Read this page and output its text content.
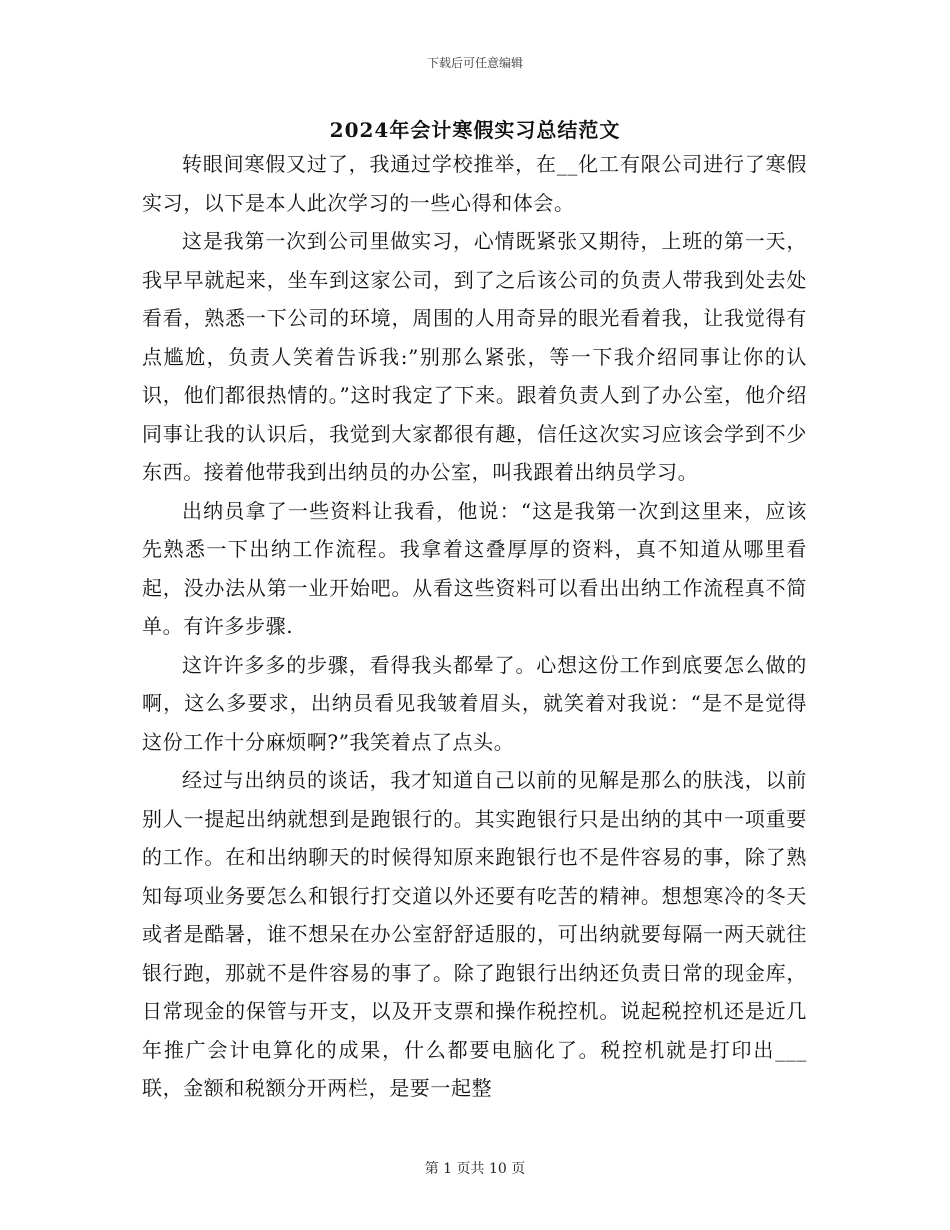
下载后可任意编辑
2024年会计寒假实习总结范文

转眼间寒假又过了，我通过学校推举，在__化工有限公司进行了寒假实习，以下是本人此次学习的一些心得和体会。

这是我第一次到公司里做实习，心情既紧张又期待，上班的第一天，我早早就起来，坐车到这家公司，到了之后该公司的负责人带我到处去处看看，熟悉一下公司的环境，周围的人用奇异的眼光看着我，让我觉得有点尴尬，负责人笑着告诉我:”别那么紧张，等一下我介绍同事让你的认识，他们都很热情的。”这时我定了下来。跟着负责人到了办公室，他介绍同事让我的认识后，我觉到大家都很有趣，信任这次实习应该会学到不少东西。接着他带我到出纳员的办公室，叫我跟着出纳员学习。

出纳员拿了一些资料让我看，他说：“这是我第一次到这里来，应该先熟悉一下出纳工作流程。我拿着这叠厚厚的资料，真不知道从哪里看起，没办法从第一业开始吧。从看这些资料可以看出出纳工作流程真不简单。有许多步骤.

这许许多多的步骤，看得我头都晕了。心想这份工作到底要怎么做的啊，这么多要求，出纳员看见我皱着眉头，就笑着对我说：“是不是觉得这份工作十分麻烦啊?”我笑着点了点头。

经过与出纳员的谈话，我才知道自己以前的见解是那么的肤浅，以前别人一提起出纳就想到是跑银行的。其实跑银行只是出纳的其中一项重要的工作。在和出纳聊天的时候得知原来跑银行也不是件容易的事，除了熟知每项业务要怎么和银行打交道以外还要有吃苦的精神。想想寒冷的冬天或者是酷暑，谁不想呆在办公室舒舒适服的，可出纳就要每隔一两天就往银行跑，那就不是件容易的事了。除了跑银行出纳还负责日常的现金库，日常现金的保管与开支，以及开支票和操作税控机。说起税控机还是近几年推广会计电算化的成果，什么都要电脑化了。税控机就是打印出___联，金额和税额分开两栏，是要一起整

第 1 页共 10 页
